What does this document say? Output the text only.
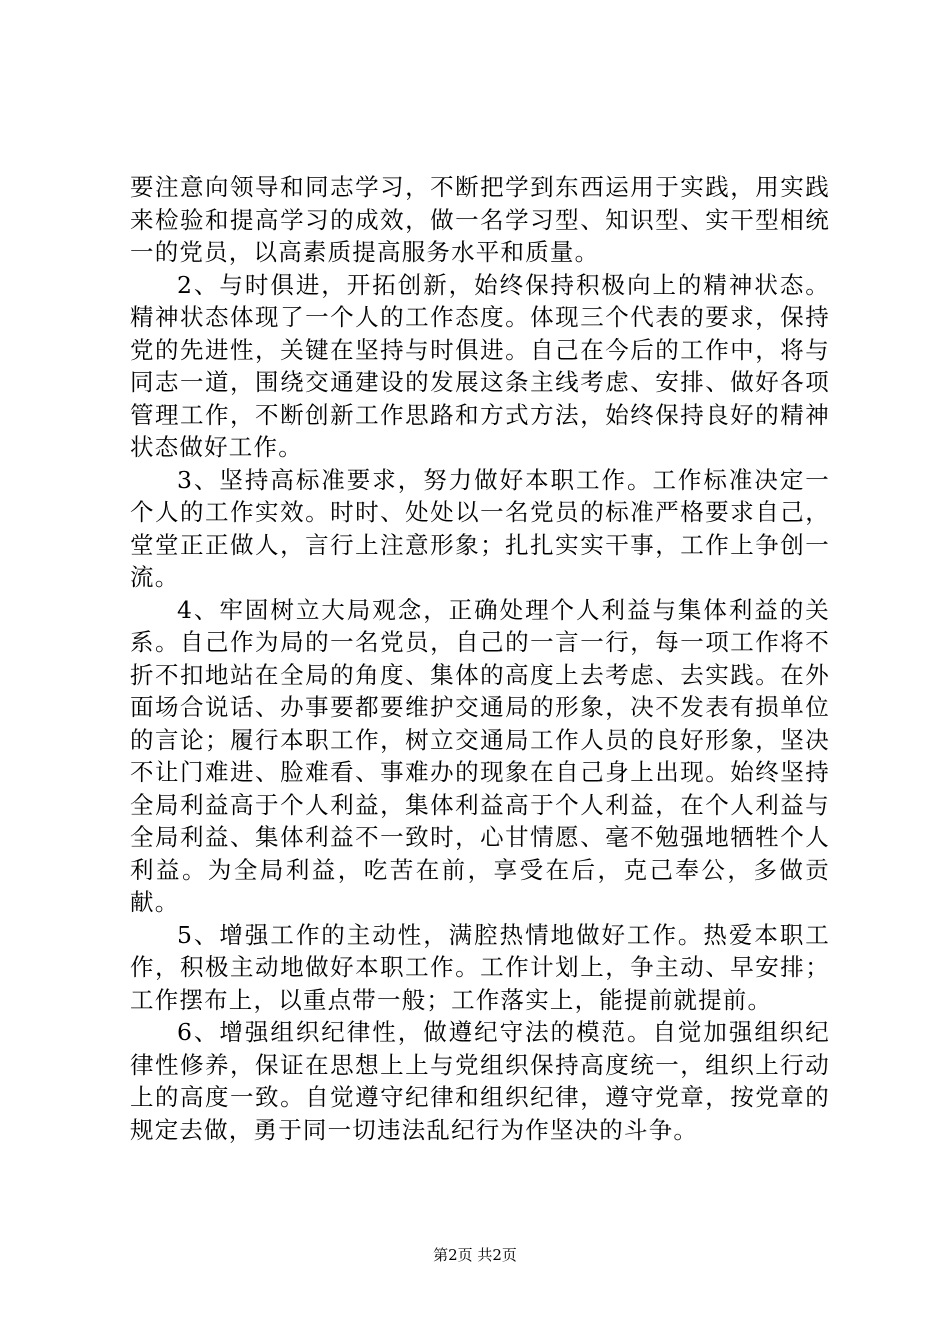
要注意向领导和同志学习，不断把学到东西运用于实践，用实践来检验和提高学习的成效，做一名学习型、知识型、实干型相统一的党员，以高素质提高服务水平和质量。

2、与时俱进，开拓创新，始终保持积极向上的精神状态。精神状态体现了一个人的工作态度。体现三个代表的要求，保持党的先进性，关键在坚持与时俱进。自己在今后的工作中，将与同志一道，围绕交通建设的发展这条主线考虑、安排、做好各项管理工作，不断创新工作思路和方式方法，始终保持良好的精神状态做好工作。

3、坚持高标准要求，努力做好本职工作。工作标准决定一个人的工作实效。时时、处处以一名党员的标准严格要求自己，堂堂正正做人，言行上注意形象；扎扎实实干事，工作上争创一流。

4、牢固树立大局观念，正确处理个人利益与集体利益的关系。自己作为局的一名党员，自己的一言一行，每一项工作将不折不扣地站在全局的角度、集体的高度上去考虑、去实践。在外面场合说话、办事要都要维护交通局的形象，决不发表有损单位的言论；履行本职工作，树立交通局工作人员的良好形象，坚决不让门难进、脸难看、事难办的现象在自己身上出现。始终坚持全局利益高于个人利益，集体利益高于个人利益，在个人利益与全局利益、集体利益不一致时，心甘情愿、毫不勉强地牺牲个人利益。为全局利益，吃苦在前，享受在后，克己奉公，多做贡献。

5、增强工作的主动性，满腔热情地做好工作。热爱本职工作，积极主动地做好本职工作。工作计划上，争主动、早安排；工作摆布上，以重点带一般；工作落实上，能提前就提前。

6、增强组织纪律性，做遵纪守法的模范。自觉加强组织纪律性修养，保证在思想上上与党组织保持高度统一，组织上行动上的高度一致。自觉遵守纪律和组织纪律，遵守党章，按党章的规定去做，勇于同一切违法乱纪行为作坚决的斗争。

第2页 共2页
